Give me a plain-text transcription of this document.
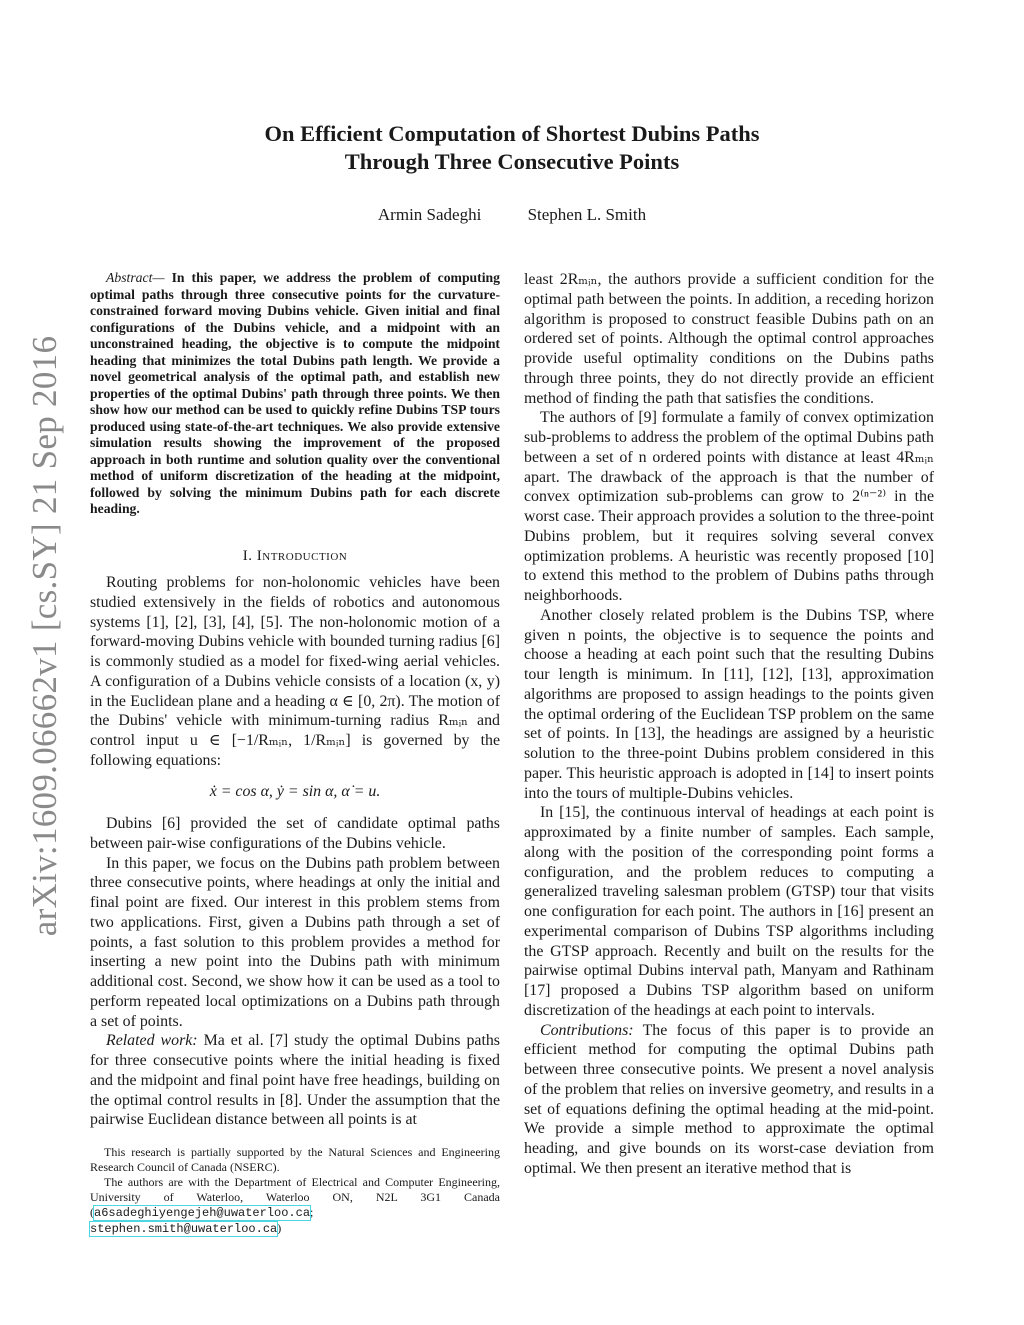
arXiv:1609.06662v1 [cs.SY] 21 Sep 2016
On Efficient Computation of Shortest Dubins Paths
Through Three Consecutive Points
Armin Sadeghi	Stephen L. Smith
Abstract— In this paper, we address the problem of computing optimal paths through three consecutive points for the curvature-constrained forward moving Dubins vehicle. Given initial and final configurations of the Dubins vehicle, and a midpoint with an unconstrained heading, the objective is to compute the midpoint heading that minimizes the total Dubins path length. We provide a novel geometrical analysis of the optimal path, and establish new properties of the optimal Dubins' path through three points. We then show how our method can be used to quickly refine Dubins TSP tours produced using state-of-the-art techniques. We also provide extensive simulation results showing the improvement of the proposed approach in both runtime and solution quality over the conventional method of uniform discretization of the heading at the midpoint, followed by solving the minimum Dubins path for each discrete heading.
I. Introduction

Routing problems for non-holonomic vehicles have been studied extensively in the fields of robotics and autonomous systems [1], [2], [3], [4], [5]. The non-holonomic motion of a forward-moving Dubins vehicle with bounded turning radius [6] is commonly studied as a model for fixed-wing aerial vehicles. A configuration of a Dubins vehicle consists of a location (x, y) in the Euclidean plane and a heading α ∈ [0, 2π). The motion of the Dubins' vehicle with minimum-turning radius Rₘᵢₙ and control input u ∈ [−1/Rₘᵢₙ, 1/Rₘᵢₙ] is governed by the following equations:

ẋ = cos α, ẏ = sin α, α̇ = u.

Dubins [6] provided the set of candidate optimal paths between pair-wise configurations of the Dubins vehicle.

In this paper, we focus on the Dubins path problem between three consecutive points, where headings at only the initial and final point are fixed. Our interest in this problem stems from two applications. First, given a Dubins path through a set of points, a fast solution to this problem provides a method for inserting a new point into the Dubins path with minimum additional cost. Second, we show how it can be used as a tool to perform repeated local optimizations on a Dubins path through a set of points.

Related work: Ma et al. [7] study the optimal Dubins paths for three consecutive points where the initial heading is fixed and the midpoint and final point have free headings, building on the optimal control results in [8]. Under the assumption that the pairwise Euclidean distance between all points is at

This research is partially supported by the Natural Sciences and Engineering Research Council of Canada (NSERC).

The authors are with the Department of Electrical and Computer Engineering, University of Waterloo, Waterloo ON, N2L 3G1 Canada (a6sadeghiyengejeh@uwaterloo.ca; stephen.smith@uwaterloo.ca)

least 2Rₘᵢₙ, the authors provide a sufficient condition for the optimal path between the points. In addition, a receding horizon algorithm is proposed to construct feasible Dubins path on an ordered set of points. Although the optimal control approaches provide useful optimality conditions on the Dubins paths through three points, they do not directly provide an efficient method of finding the path that satisfies the conditions.

The authors of [9] formulate a family of convex optimization sub-problems to address the problem of the optimal Dubins path between a set of n ordered points with distance at least 4Rₘᵢₙ apart. The drawback of the approach is that the number of convex optimization sub-problems can grow to 2⁽ⁿ⁻²⁾ in the worst case. Their approach provides a solution to the three-point Dubins problem, but it requires solving several convex optimization problems. A heuristic was recently proposed [10] to extend this method to the problem of Dubins paths through neighborhoods.

Another closely related problem is the Dubins TSP, where given n points, the objective is to sequence the points and choose a heading at each point such that the resulting Dubins tour length is minimum. In [11], [12], [13], approximation algorithms are proposed to assign headings to the points given the optimal ordering of the Euclidean TSP problem on the same set of points. In [13], the headings are assigned by a heuristic solution to the three-point Dubins problem considered in this paper. This heuristic approach is adopted in [14] to insert points into the tours of multiple-Dubins vehicles.

In [15], the continuous interval of headings at each point is approximated by a finite number of samples. Each sample, along with the position of the corresponding point forms a configuration, and the problem reduces to computing a generalized traveling salesman problem (GTSP) tour that visits one configuration for each point. The authors in [16] present an experimental comparison of Dubins TSP algorithms including the GTSP approach. Recently and built on the results for the pairwise optimal Dubins interval path, Manyam and Rathinam [17] proposed a Dubins TSP algorithm based on uniform discretization of the headings at each point to intervals.

Contributions: The focus of this paper is to provide an efficient method for computing the optimal Dubins path between three consecutive points. We present a novel analysis of the problem that relies on inversive geometry, and results in a set of equations defining the optimal heading at the mid-point. We provide a simple method to approximate the optimal heading, and give bounds on its worst-case deviation from optimal. We then present an iterative method that is
